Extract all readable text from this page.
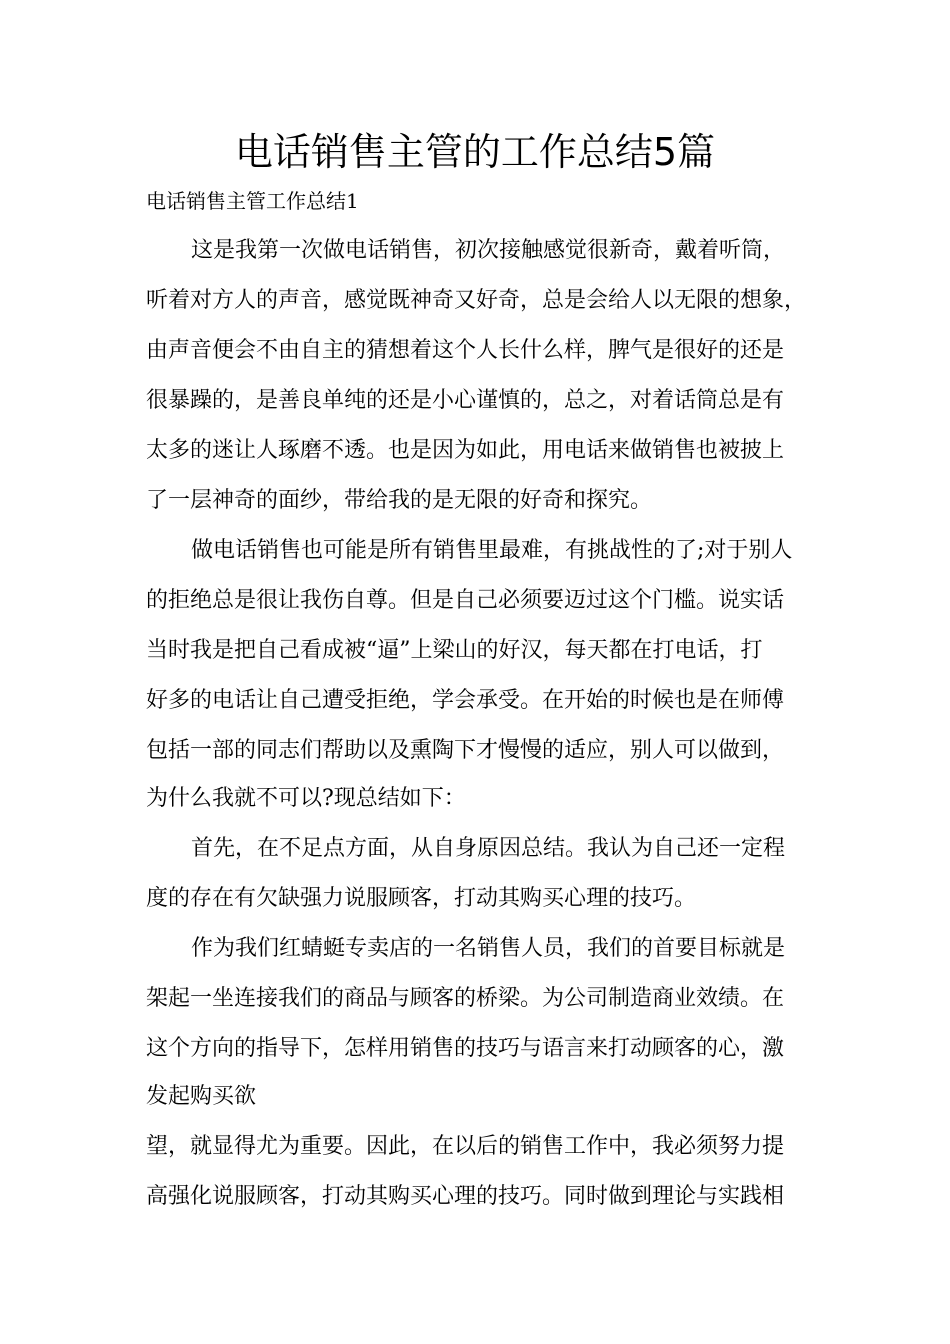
电话销售主管的工作总结5篇
电话销售主管工作总结1
这是我第一次做电话销售，初次接触感觉很新奇，戴着听筒，
听着对方人的声音，感觉既神奇又好奇，总是会给人以无限的想象，
由声音便会不由自主的猜想着这个人长什么样，脾气是很好的还是
很暴躁的，是善良单纯的还是小心谨慎的，总之，对着话筒总是有
太多的迷让人琢磨不透。也是因为如此，用电话来做销售也被披上
了一层神奇的面纱，带给我的是无限的好奇和探究。
做电话销售也可能是所有销售里最难，有挑战性的了;对于别人
的拒绝总是很让我伤自尊。但是自己必须要迈过这个门槛。说实话
当时我是把自己看成被“逼”上梁山的好汉，每天都在打电话，打
好多的电话让自己遭受拒绝，学会承受。在开始的时候也是在师傅
包括一部的同志们帮助以及熏陶下才慢慢的适应，别人可以做到，
为什么我就不可以?现总结如下：
首先，在不足点方面，从自身原因总结。我认为自己还一定程
度的存在有欠缺强力说服顾客，打动其购买心理的技巧。
作为我们红蜻蜓专卖店的一名销售人员，我们的首要目标就是
架起一坐连接我们的商品与顾客的桥梁。为公司制造商业效绩。在
这个方向的指导下，怎样用销售的技巧与语言来打动顾客的心，激
发起购买欲
望，就显得尤为重要。因此，在以后的销售工作中，我必须努力提
高强化说服顾客，打动其购买心理的技巧。同时做到理论与实践相
